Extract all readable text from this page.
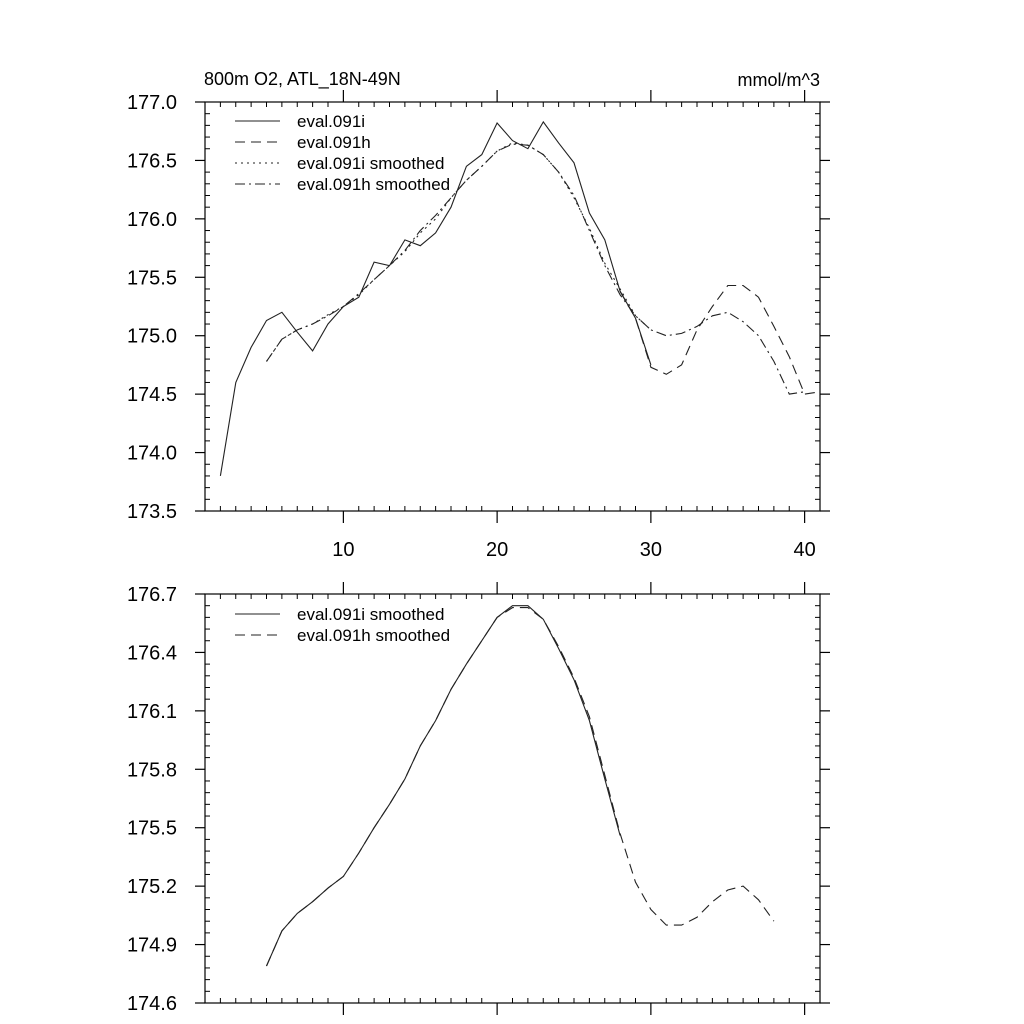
800m O2, ATL_18N-49N	mmol/m^3
10	20	30	40
173.5
174.0
174.5
175.0
175.5
176.0
176.5
177.0
eval.091i
eval.091h
eval.091i smoothed
eval.091h smoothed
174.6
174.9
175.2
175.5
175.8
176.1
176.4
176.7
eval.091i smoothed
eval.091h smoothed
